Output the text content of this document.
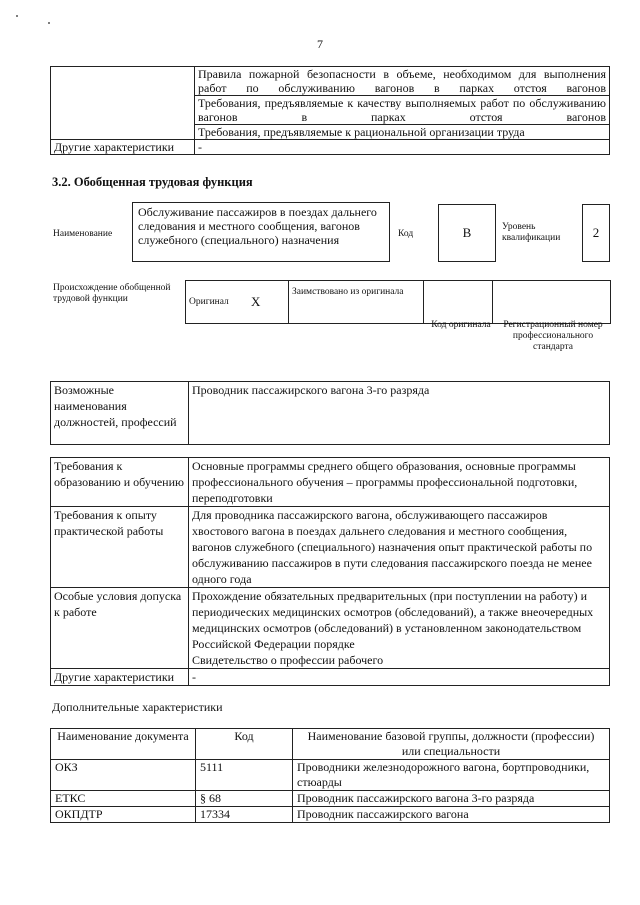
7
	Правила пожарной безопасности в объеме, необходимом для выполнения работ по обслуживанию вагонов в парках отстоя вагонов
	Требования, предъявляемые к качеству выполняемых работ по обслуживанию вагонов в парках отстоя вагонов
	Требования, предъявляемые к рациональной организации труда
Другие характеристики	-
3.2. Обобщенная трудовая функция
Наименование
Обслуживание пассажиров в поездах дальнего следования и местного сообщения, вагонов служебного (специального) назначения	Код	B	Уровень квалификации	2
Происхождение обобщенной трудовой функции	Оригинал	X	Заимствовано из оригинала		
Код оригинала	Регистрационный номер профессионального стандарта
Возможные наименования должностей, профессий	Проводник пассажирского вагона 3-го разряда
Требования к образованию и обучению	Основные программы среднего общего образования, основные программы профессионального обучения – программы профессиональной подготовки, переподготовки
Требования к опыту практической работы	Для проводника пассажирского вагона, обслуживающего пассажиров хвостового вагона в поездах дальнего следования и местного сообщения, вагонов служебного (специального) назначения опыт практической работы по обслуживанию пассажиров в пути следования пассажирского поезда не менее одного года
Особые условия допуска к работе	Прохождение обязательных предварительных (при поступлении на работу) и периодических медицинских осмотров (обследований), а также внеочередных медицинских осмотров (обследований) в установленном законодательством Российской Федерации порядке
Свидетельство о профессии рабочего

Другие характеристики	-
Дополнительные характеристики
Наименование документа	Код	Наименование базовой группы, должности (профессии) или специальности
ОКЗ	5111	Проводники железнодорожного вагона, бортпроводники, стюарды
ЕТКС	§ 68	Проводник пассажирского вагона 3-го разряда
ОКПДТР	17334	Проводник пассажирского вагона
